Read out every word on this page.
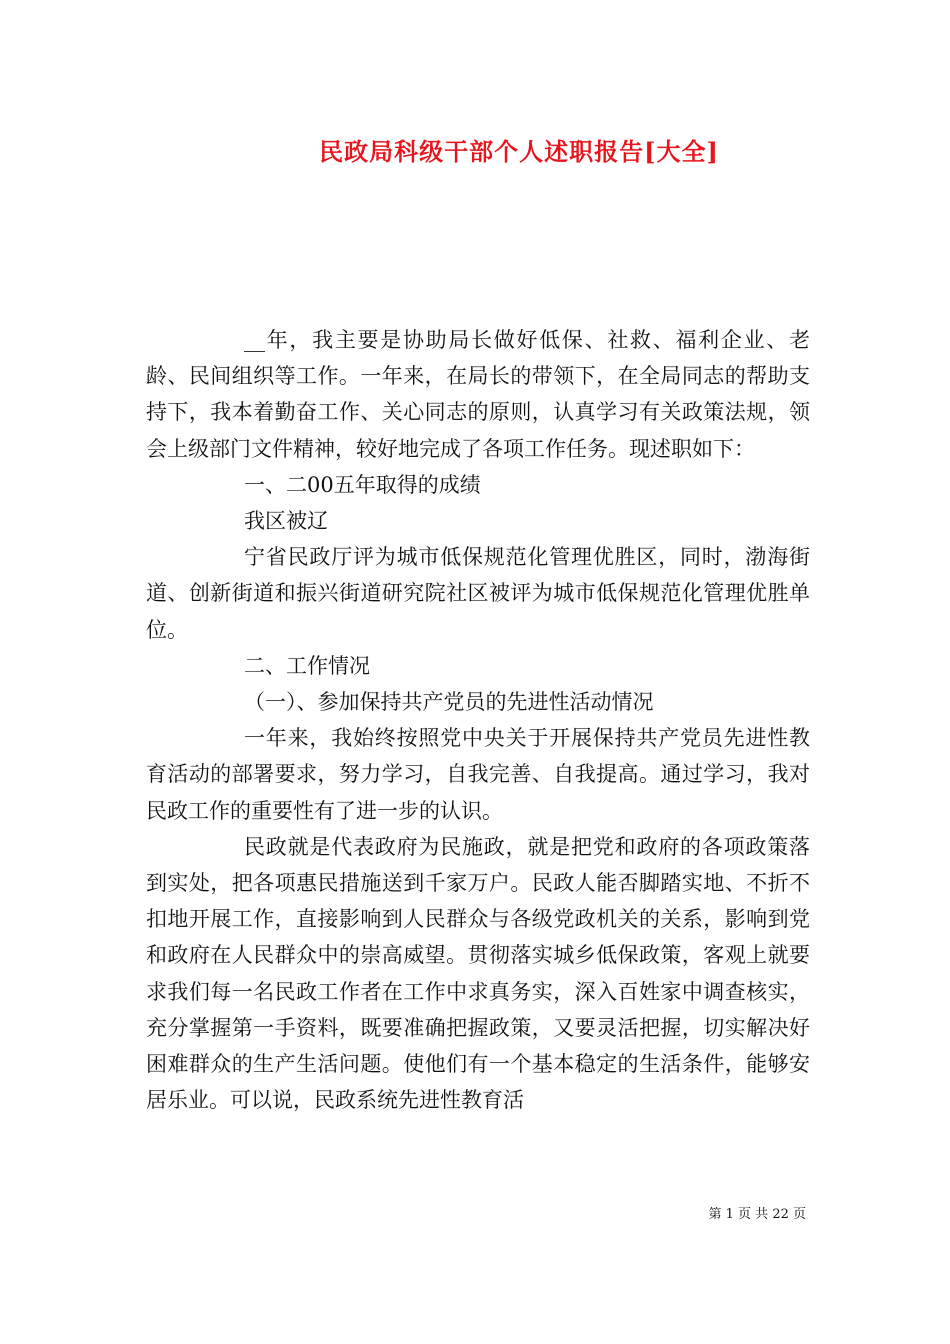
民政局科级干部个人述职报告[大全]

__年，我主要是协助局长做好低保、社救、福利企业、老龄、民间组织等工作。一年来，在局长的带领下，在全局同志的帮助支持下，我本着勤奋工作、关心同志的原则，认真学习有关政策法规，领会上级部门文件精神，较好地完成了各项工作任务。现述职如下：

一、二00五年取得的成绩

我区被辽

宁省民政厅评为城市低保规范化管理优胜区，同时，渤海街道、创新街道和振兴街道研究院社区被评为城市低保规范化管理优胜单位。

二、工作情况

（一）、参加保持共产党员的先进性活动情况

一年来，我始终按照党中央关于开展保持共产党员先进性教育活动的部署要求，努力学习，自我完善、自我提高。通过学习，我对民政工作的重要性有了进一步的认识。

民政就是代表政府为民施政，就是把党和政府的各项政策落到实处，把各项惠民措施送到千家万户。民政人能否脚踏实地、不折不扣地开展工作，直接影响到人民群众与各级党政机关的关系，影响到党和政府在人民群众中的崇高威望。贯彻落实城乡低保政策，客观上就要求我们每一名民政工作者在工作中求真务实，深入百姓家中调查核实，充分掌握第一手资料，既要准确把握政策，又要灵活把握，切实解决好困难群众的生产生活问题。使他们有一个基本稳定的生活条件，能够安居乐业。可以说，民政系统先进性教育活

第 1 页 共 22 页
